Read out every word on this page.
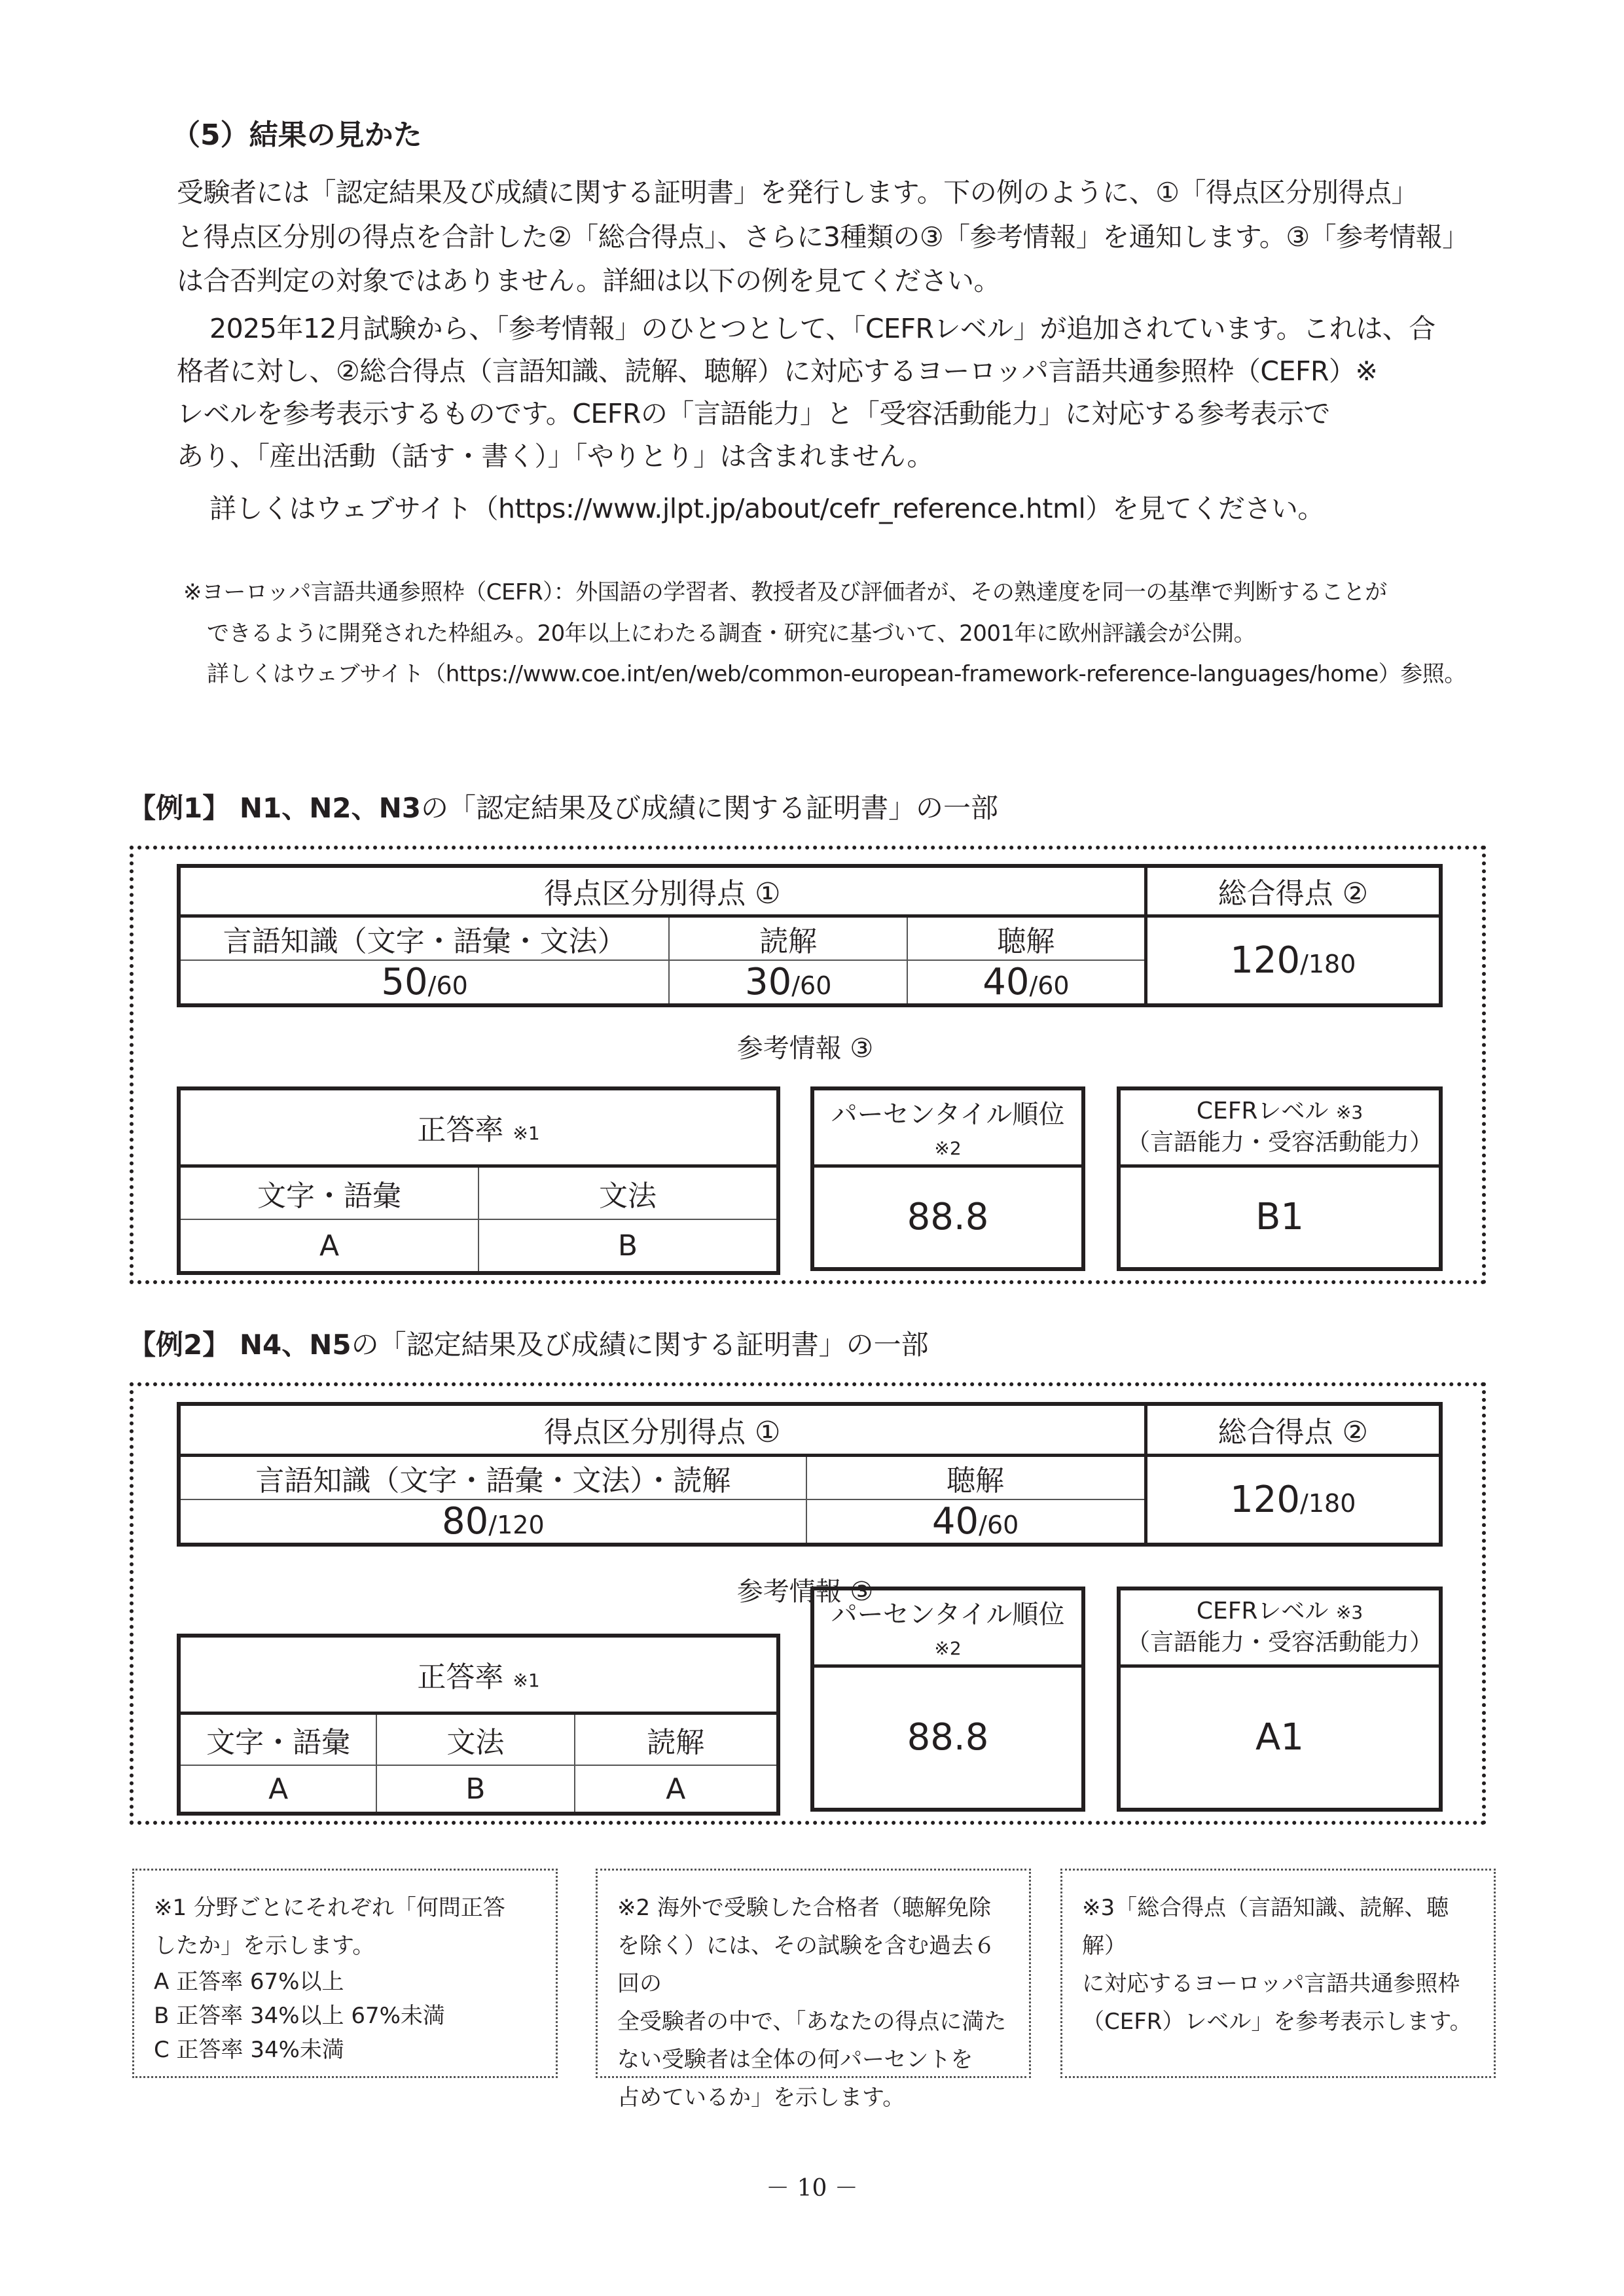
（5）結果の見かた
受験者には「認定結果及び成績に関する証明書」を発行します。下の例のように、①「得点区分別得点」
と得点区分別の得点を合計した②「総合得点」、さらに3種類の③「参考情報」を通知します。③「参考情報」
は合否判定の対象ではありません。詳細は以下の例を見てください。
2025年12月試験から、「参考情報」のひとつとして、「CEFRレベル」が追加されています。これは、合
格者に対し、②総合得点（言語知識、読解、聴解）に対応するヨーロッパ言語共通参照枠（CEFR）※
レベルを参考表示するものです。CEFRの「言語能力」と「受容活動能力」に対応する参考表示で
あり、「産出活動（話す・書く）」「やりとり」は含まれません。
詳しくはウェブサイト（https://www.jlpt.jp/about/cefr_reference.html）を見てください。
※ヨーロッパ言語共通参照枠（CEFR）：外国語の学習者、教授者及び評価者が、その熟達度を同一の基準で判断することが
できるように開発された枠組み。20年以上にわたる調査・研究に基づいて、2001年に欧州評議会が公開。
詳しくはウェブサイト（https://www.coe.int/en/web/common-european-framework-reference-languages/home）参照。
【例1】 N1、N2、N3の「認定結果及び成績に関する証明書」の一部
得点区分別得点 ①			総合得点 ②
言語知識（文字・語彙・文法）	読解	聴解	120/180
50/60	30/60	40/60	
参考情報 ③
正答率 ※1	
文字・語彙	文法
A	B
パーセンタイル順位 ※2
88.8
CEFRレベル ※3
（言語能力・受容活動能力）

B1
【例2】 N4、N5の「認定結果及び成績に関する証明書」の一部
得点区分別得点 ①		総合得点 ②
言語知識（文字・語彙・文法）・読解	聴解	120/180
80/120	40/60	
参考情報 ③
正答率 ※1		
文字・語彙	文法	読解
A	B	A
パーセンタイル順位 ※2
88.8
CEFRレベル ※3
（言語能力・受容活動能力）

A1
※1 分野ごとにそれぞれ「何問正答
したか」を示します。
A 正答率 67%以上
B 正答率 34%以上 67%未満
C 正答率 34%未満
※2 海外で受験した合格者（聴解免除
を除く）には、その試験を含む過去６回の
全受験者の中で、「あなたの得点に満た
ない受験者は全体の何パーセントを
占めているか」を示します。
※3「総合得点（言語知識、読解、聴解）
に対応するヨーロッパ言語共通参照枠
（CEFR）レベル」を参考表示します。
－ 10 －
